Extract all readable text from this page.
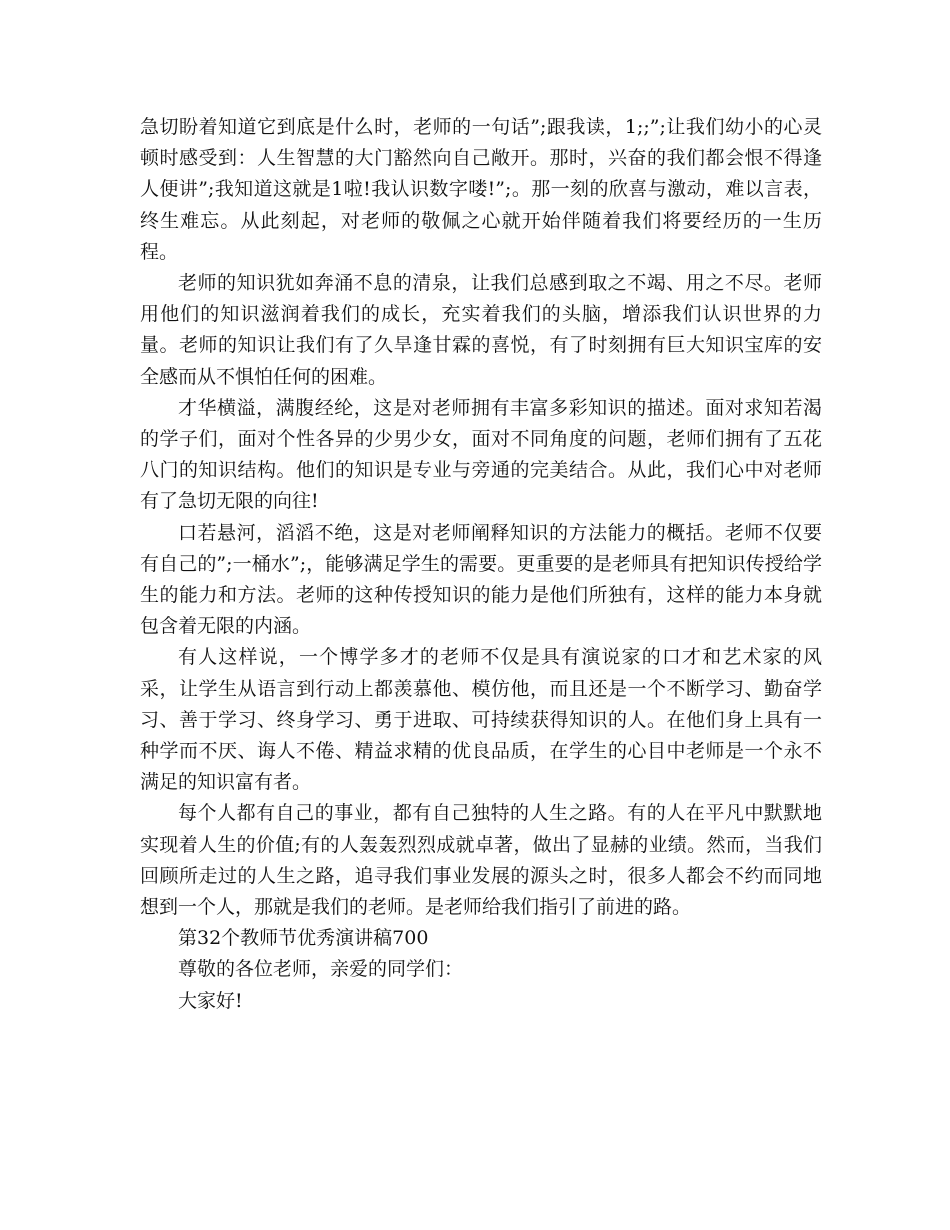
急切盼着知道它到底是什么时，老师的一句话”;跟我读，1;;”;让我们幼小的心灵顿时感受到：人生智慧的大门豁然向自己敞开。那时，兴奋的我们都会恨不得逢人便讲”;我知道这就是1啦!我认识数字喽!”;。那一刻的欣喜与激动，难以言表，终生难忘。从此刻起，对老师的敬佩之心就开始伴随着我们将要经历的一生历程。

老师的知识犹如奔涌不息的清泉，让我们总感到取之不竭、用之不尽。老师用他们的知识滋润着我们的成长，充实着我们的头脑，增添我们认识世界的力量。老师的知识让我们有了久旱逢甘霖的喜悦，有了时刻拥有巨大知识宝库的安全感而从不惧怕任何的困难。

才华横溢，满腹经纶，这是对老师拥有丰富多彩知识的描述。面对求知若渴的学子们，面对个性各异的少男少女，面对不同角度的问题，老师们拥有了五花八门的知识结构。他们的知识是专业与旁通的完美结合。从此，我们心中对老师有了急切无限的向往!

口若悬河，滔滔不绝，这是对老师阐释知识的方法能力的概括。老师不仅要有自己的”;一桶水”;，能够满足学生的需要。更重要的是老师具有把知识传授给学生的能力和方法。老师的这种传授知识的能力是他们所独有，这样的能力本身就包含着无限的内涵。

有人这样说，一个博学多才的老师不仅是具有演说家的口才和艺术家的风采，让学生从语言到行动上都羡慕他、模仿他，而且还是一个不断学习、勤奋学习、善于学习、终身学习、勇于进取、可持续获得知识的人。在他们身上具有一种学而不厌、诲人不倦、精益求精的优良品质，在学生的心目中老师是一个永不满足的知识富有者。

每个人都有自己的事业，都有自己独特的人生之路。有的人在平凡中默默地实现着人生的价值;有的人轰轰烈烈成就卓著，做出了显赫的业绩。然而，当我们回顾所走过的人生之路，追寻我们事业发展的源头之时，很多人都会不约而同地想到一个人，那就是我们的老师。是老师给我们指引了前进的路。

第32个教师节优秀演讲稿700

尊敬的各位老师，亲爱的同学们：

大家好!
